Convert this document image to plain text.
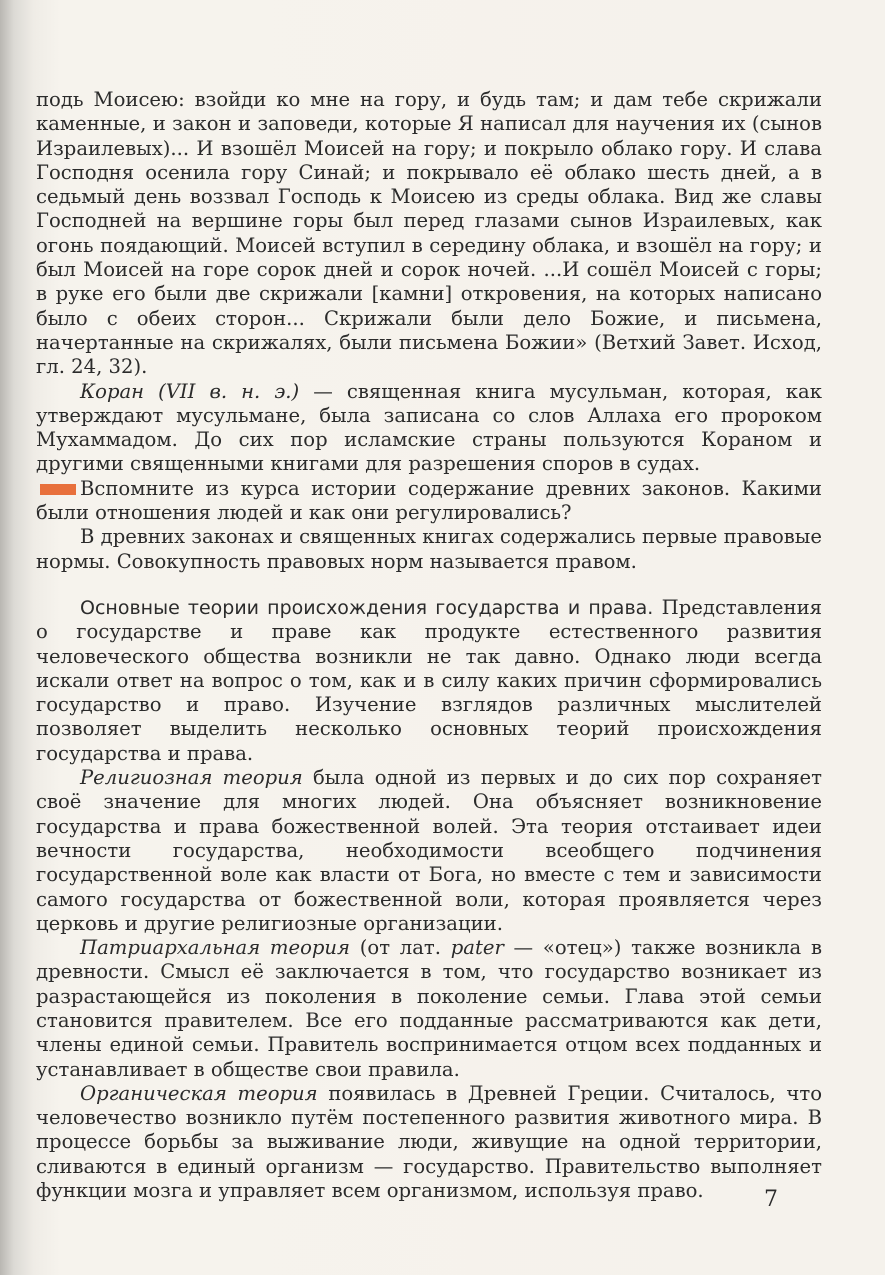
подь Моисею: взойди ко мне на гору, и будь там; и дам тебе скрижали каменные, и закон и заповеди, которые Я написал для научения их (сынов Израилевых)... И взошёл Моисей на гору; и покрыло облако гору. И слава Господня осенила гору Синай; и покрывало её облако шесть дней, а в седьмый день воззвал Господь к Моисею из среды облака. Вид же славы Господней на вершине горы был перед глазами сынов Израилевых, как огонь поядающий. Моисей вступил в середину облака, и взошёл на гору; и был Моисей на горе сорок дней и сорок ночей. ...И сошёл Моисей с горы; в руке его были две скрижали [камни] откровения, на которых написано было с обеих сторон... Скрижали были дело Божие, и письмена, начертанные на скрижалях, были письмена Божии» (Ветхий Завет. Исход, гл. 24, 32).

Коран (VII в. н. э.) — священная книга мусульман, которая, как утверждают мусульмане, была записана со слов Аллаха его пророком Мухаммадом. До сих пор исламские страны пользуются Кораном и другими священными книгами для разрешения споров в судах.

Вспомните из курса истории содержание древних законов. Какими были отношения людей и как они регулировались?

В древних законах и священных книгах содержались первые правовые нормы. Совокупность правовых норм называется правом.

Основные теории происхождения государства и права. Представления о государстве и праве как продукте естественного развития человеческого общества возникли не так давно. Однако люди всегда искали ответ на вопрос о том, как и в силу каких причин сформировались государство и право. Изучение взглядов различных мыслителей позволяет выделить несколько основных теорий происхождения государства и права.

Религиозная теория была одной из первых и до сих пор сохраняет своё значение для многих людей. Она объясняет возникновение государства и права божественной волей. Эта теория отстаивает идеи вечности государства, необходимости всеобщего подчинения государственной воле как власти от Бога, но вместе с тем и зависимости самого государства от божественной воли, которая проявляется через церковь и другие религиозные организации.

Патриархальная теория (от лат. pater — «отец») также возникла в древности. Смысл её заключается в том, что государство возникает из разрастающейся из поколения в поколение семьи. Глава этой семьи становится правителем. Все его подданные рассматриваются как дети, члены единой семьи. Правитель воспринимается отцом всех подданных и устанавливает в обществе свои правила.

Органическая теория появилась в Древней Греции. Считалось, что человечество возникло путём постепенного развития животного мира. В процессе борьбы за выживание люди, живущие на одной территории, сливаются в единый организм — государство. Правительство выполняет функции мозга и управляет всем организмом, используя право.	7
